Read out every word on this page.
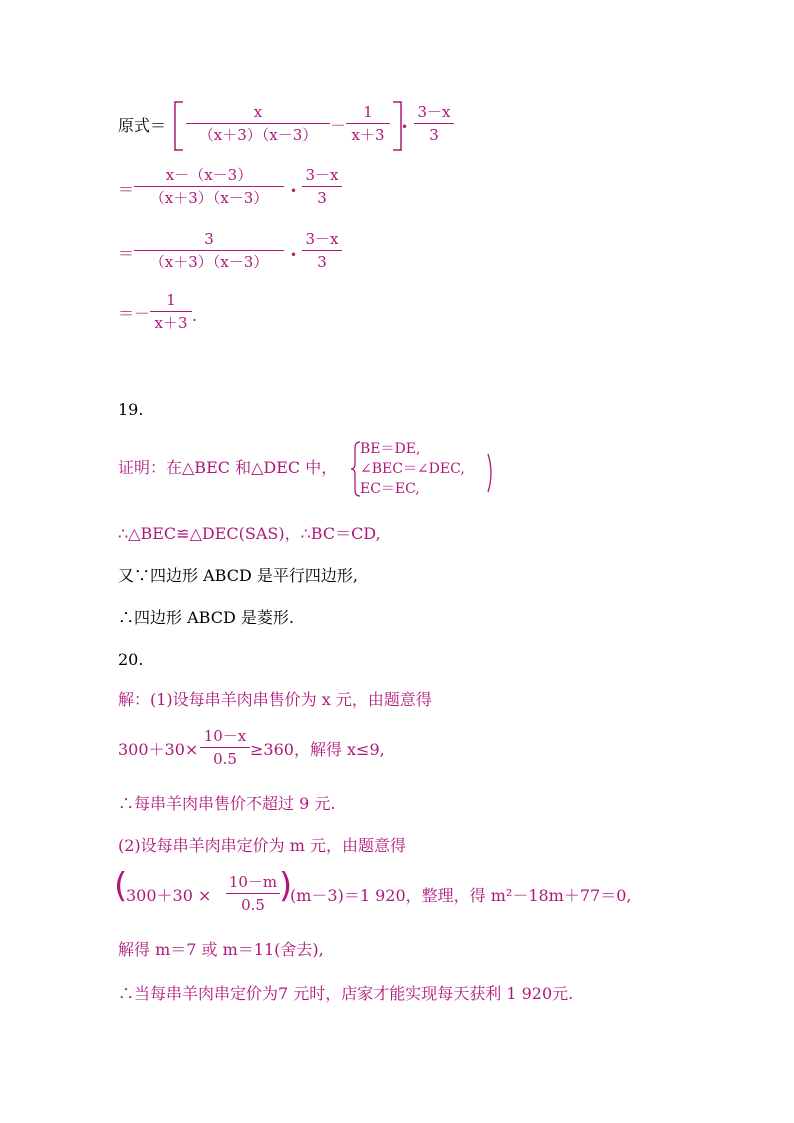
原式＝
x
（x＋3）（x－3） －
1
x＋3	•
3－x
3
＝
x－（x－3）
（x＋3）（x－3）	•
3－x
3
＝
3
（x＋3）（x－3）	•
3－x
3
＝－
1
x＋3 .
19.
证明：在△BEC 和△DEC 中，
BE＝DE,
∠BEC＝∠DEC,
EC＝EC,
∴△BEC≌△DEC(SAS)，∴BC＝CD,
又∵四边形 ABCD 是平行四边形,
∴四边形 ABCD 是菱形.
20.
解：(1)设每串羊肉串售价为 x 元，由题意得
300＋30×
10－x
0.5 ≥360，解得 x≤9,
∴每串羊肉串售价不超过 9 元.
(2)设每串羊肉串定价为 m 元，由题意得
(
300＋30 ×
10－m
0.5 )
(m－3)＝1 920，整理，得 m²－18m＋77＝0,
解得 m＝7 或 m＝11(舍去),
∴当每串羊肉串定价为7 元时，店家才能实现每天获利 1 920元.
